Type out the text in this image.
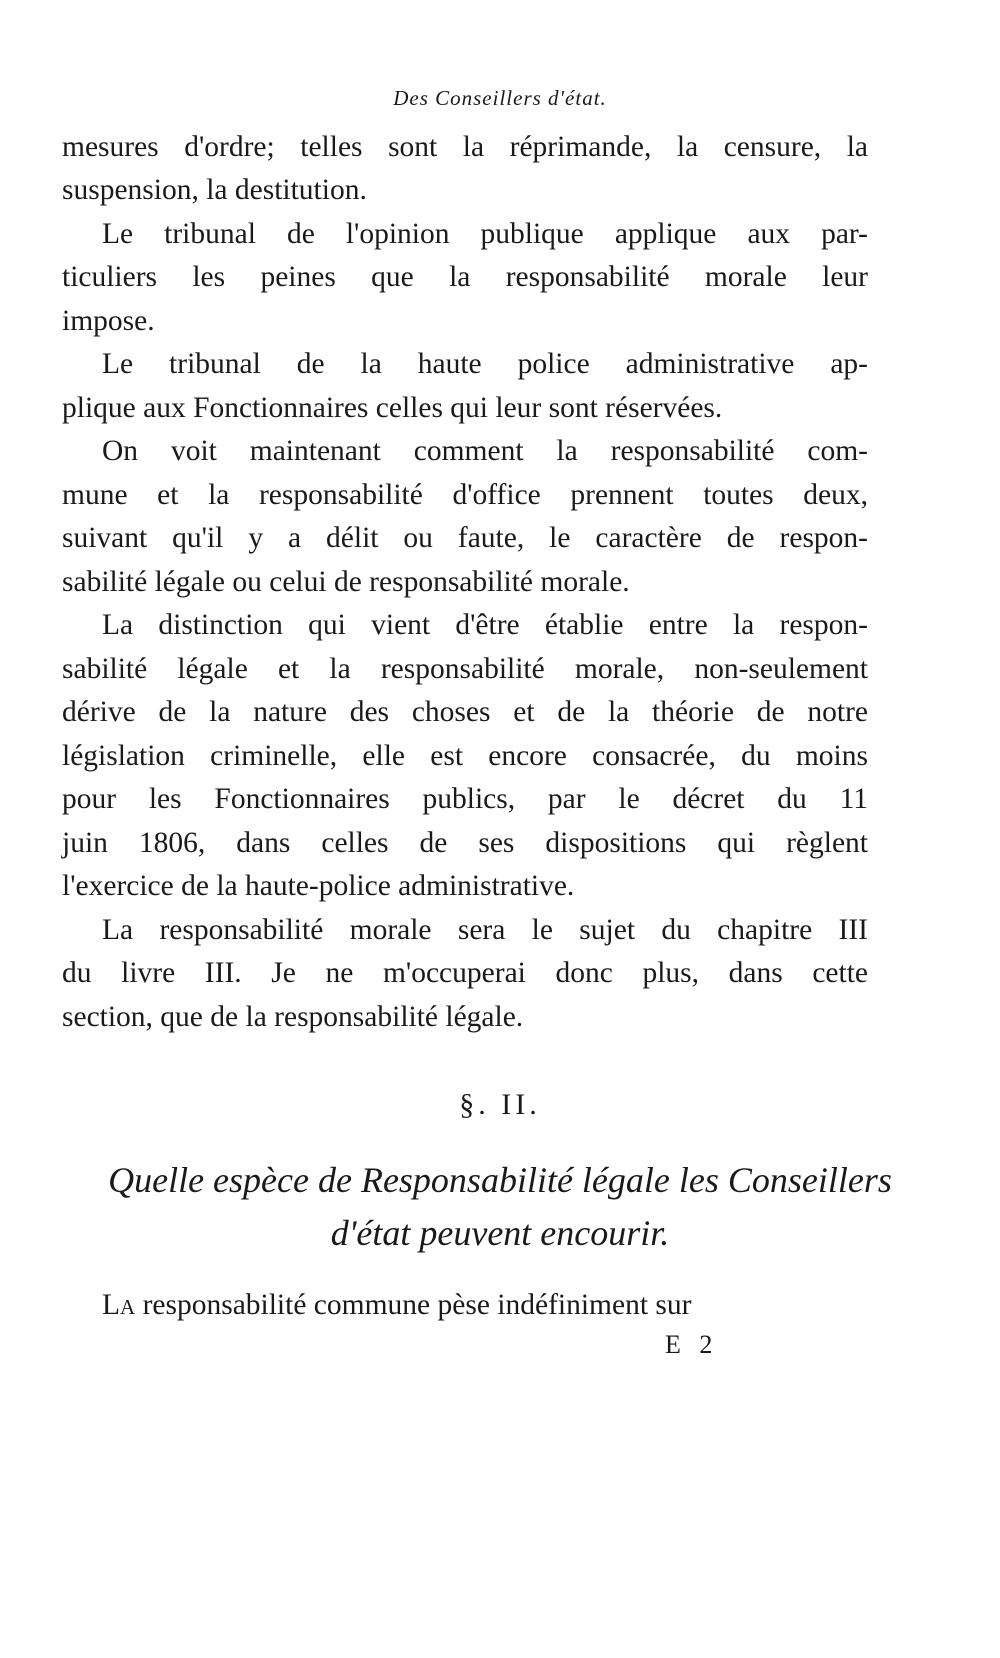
Des Conseillers d'état.
mesures d'ordre; telles sont la réprimande, la censure, la
suspension, la destitution.
Le tribunal de l'opinion publique applique aux par-
ticuliers les peines que la responsabilité morale leur
impose.
Le tribunal de la haute police administrative ap-
plique aux Fonctionnaires celles qui leur sont réservées.
On voit maintenant comment la responsabilité com-
mune et la responsabilité d'office prennent toutes deux,
suivant qu'il y a délit ou faute, le caractère de respon-
sabilité légale ou celui de responsabilité morale.
La distinction qui vient d'être établie entre la respon-
sabilité légale et la responsabilité morale, non-seulement
dérive de la nature des choses et de la théorie de notre
législation criminelle, elle est encore consacrée, du moins
pour les Fonctionnaires publics, par le décret du 11
juin 1806, dans celles de ses dispositions qui règlent
l'exercice de la haute-police administrative.
La responsabilité morale sera le sujet du chapitre III
du livre III. Je ne m'occuperai donc plus, dans cette
section, que de la responsabilité légale.
§. II.
Quelle espèce de Responsabilité légale les Conseillers
d'état peuvent encourir.
La responsabilité commune pèse indéfiniment sur
E 2
